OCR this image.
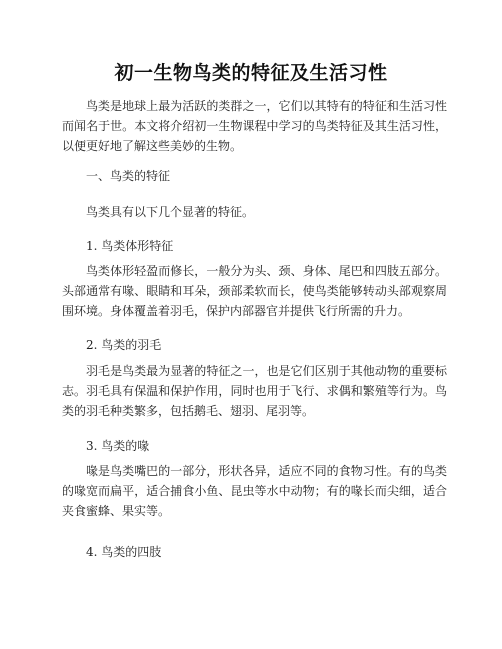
初一生物鸟类的特征及生活习性

鸟类是地球上最为活跃的类群之一，它们以其特有的特征和生活习性而闻名于世。本文将介绍初一生物课程中学习的鸟类特征及其生活习性，以便更好地了解这些美妙的生物。

一、鸟类的特征

鸟类具有以下几个显著的特征。

1. 鸟类体形特征

鸟类体形轻盈而修长，一般分为头、颈、身体、尾巴和四肢五部分。头部通常有喙、眼睛和耳朵，颈部柔软而长，使鸟类能够转动头部观察周围环境。身体覆盖着羽毛，保护内部器官并提供飞行所需的升力。

2. 鸟类的羽毛

羽毛是鸟类最为显著的特征之一，也是它们区别于其他动物的重要标志。羽毛具有保温和保护作用，同时也用于飞行、求偶和繁殖等行为。鸟类的羽毛种类繁多，包括鹅毛、翅羽、尾羽等。

3. 鸟类的喙

喙是鸟类嘴巴的一部分，形状各异，适应不同的食物习性。有的鸟类的喙宽而扁平，适合捕食小鱼、昆虫等水中动物；有的喙长而尖细，适合夹食蜜蜂、果实等。

4. 鸟类的四肢
